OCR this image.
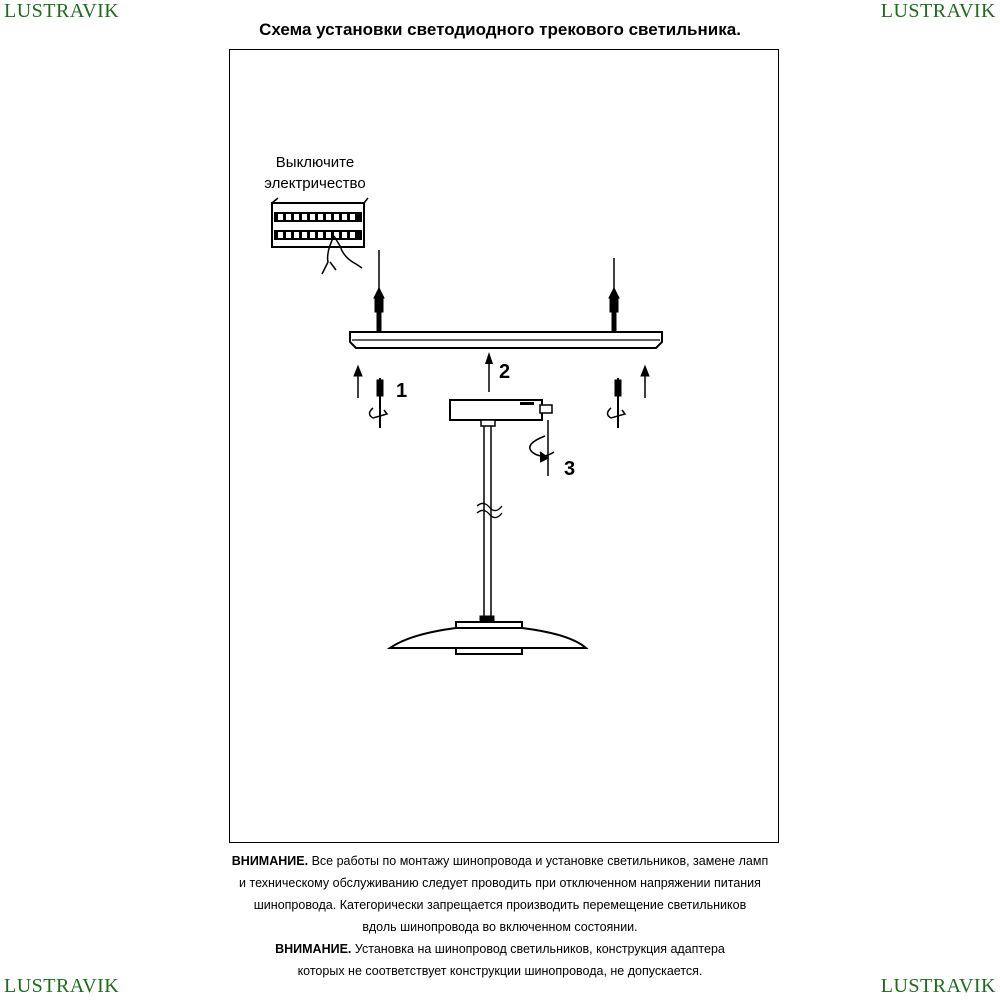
L USTRAVIK	L USTRAVIK
L USTRAVIK	L USTRAVIK
Схема установки светодиодного трекового светильника.
Выключите
электричество
1
2
3
ВНИМАНИЕ. Все работы по монтажу шинопровода и установке светильников, замене ламп
и техническому обслуживанию следует проводить при отключенном напряжении питания
шинопровода. Категорически запрещается производить перемещение светильников
вдоль шинопровода во включенном состоянии.
ВНИМАНИЕ. Установка на шинопровод светильников, конструкция адаптера
которых не соответствует конструкции шинопровода, не допускается.
